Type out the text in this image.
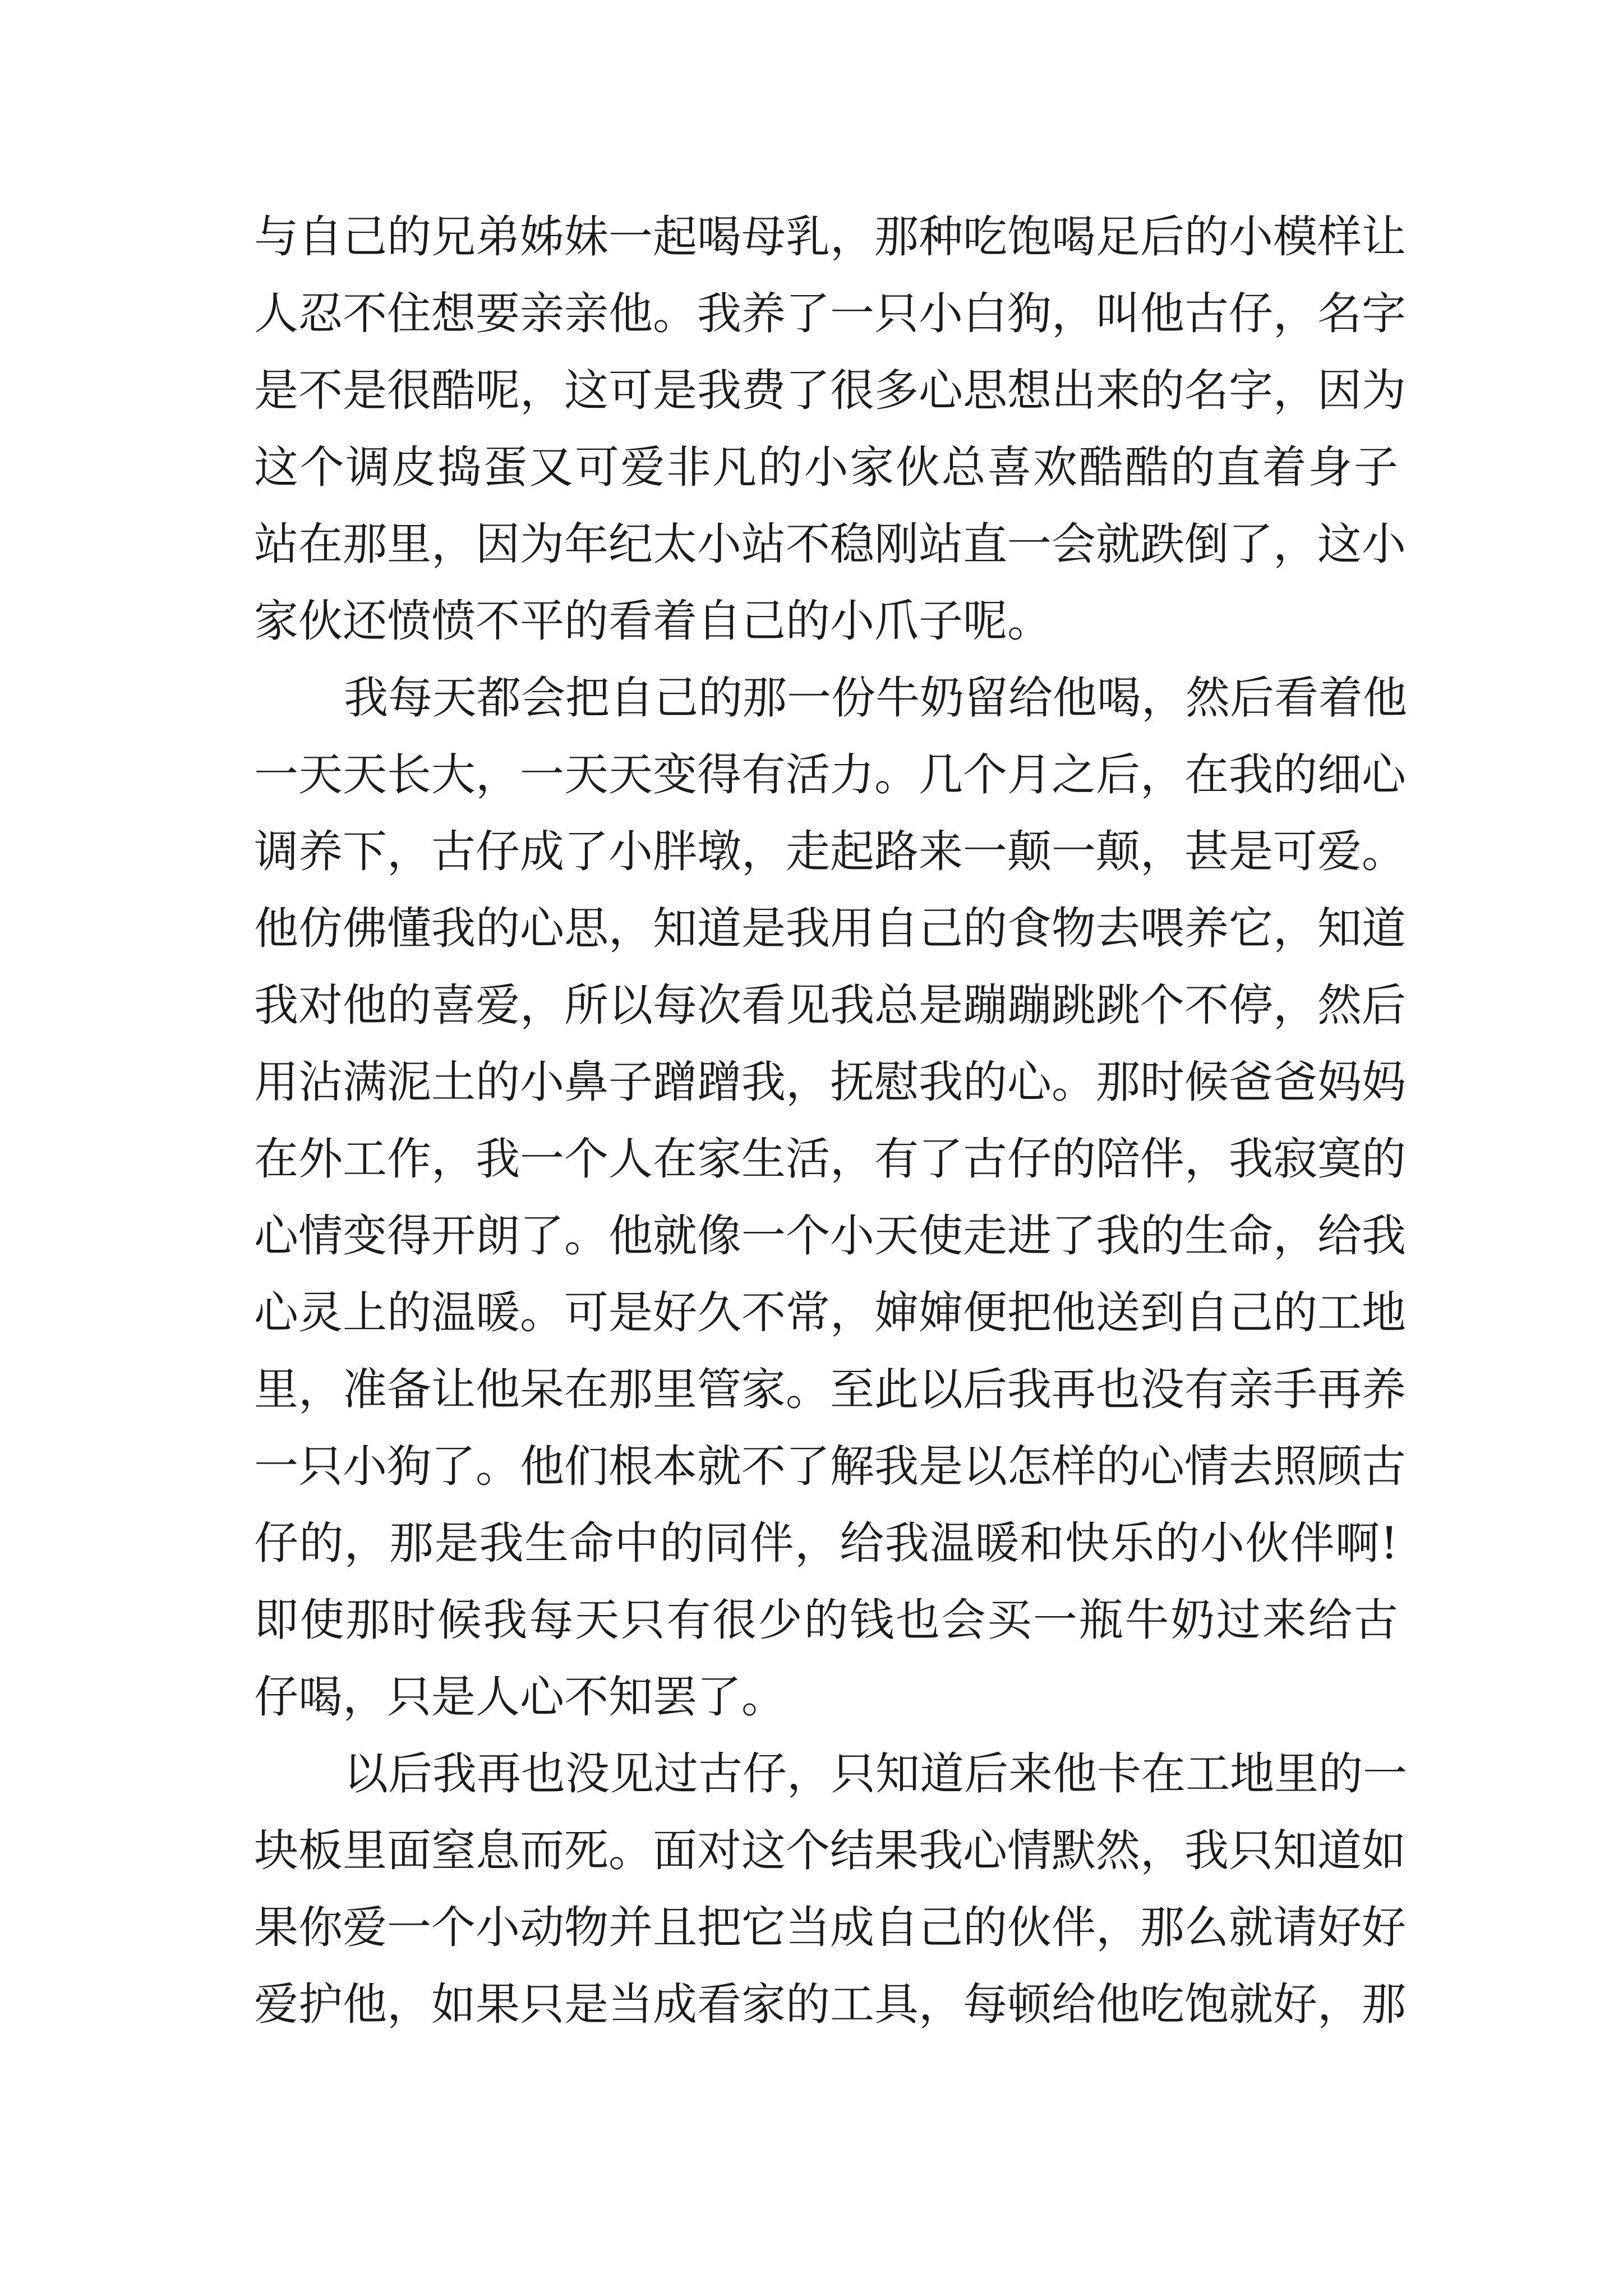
与自己的兄弟姊妹一起喝母乳，那种吃饱喝足后的小模样让
人忍不住想要亲亲他。我养了一只小白狗，叫他古仔，名字
是不是很酷呢，这可是我费了很多心思想出来的名字，因为
这个调皮捣蛋又可爱非凡的小家伙总喜欢酷酷的直着身子
站在那里，因为年纪太小站不稳刚站直一会就跌倒了，这小
家伙还愤愤不平的看着自己的小爪子呢。
我每天都会把自己的那一份牛奶留给他喝，然后看着他
一天天长大，一天天变得有活力。几个月之后，在我的细心
调养下，古仔成了小胖墩，走起路来一颠一颠，甚是可爱。
他仿佛懂我的心思，知道是我用自己的食物去喂养它，知道
我对他的喜爱，所以每次看见我总是蹦蹦跳跳个不停，然后
用沾满泥土的小鼻子蹭蹭我，抚慰我的心。那时候爸爸妈妈
在外工作，我一个人在家生活，有了古仔的陪伴，我寂寞的
心情变得开朗了。他就像一个小天使走进了我的生命，给我
心灵上的温暖。可是好久不常，婶婶便把他送到自己的工地
里，准备让他呆在那里管家。至此以后我再也没有亲手再养
一只小狗了。他们根本就不了解我是以怎样的心情去照顾古
仔的，那是我生命中的同伴，给我温暖和快乐的小伙伴啊!
即使那时候我每天只有很少的钱也会买一瓶牛奶过来给古
仔喝，只是人心不知罢了。
以后我再也没见过古仔，只知道后来他卡在工地里的一
块板里面窒息而死。面对这个结果我心情默然，我只知道如
果你爱一个小动物并且把它当成自己的伙伴，那么就请好好
爱护他，如果只是当成看家的工具，每顿给他吃饱就好，那
